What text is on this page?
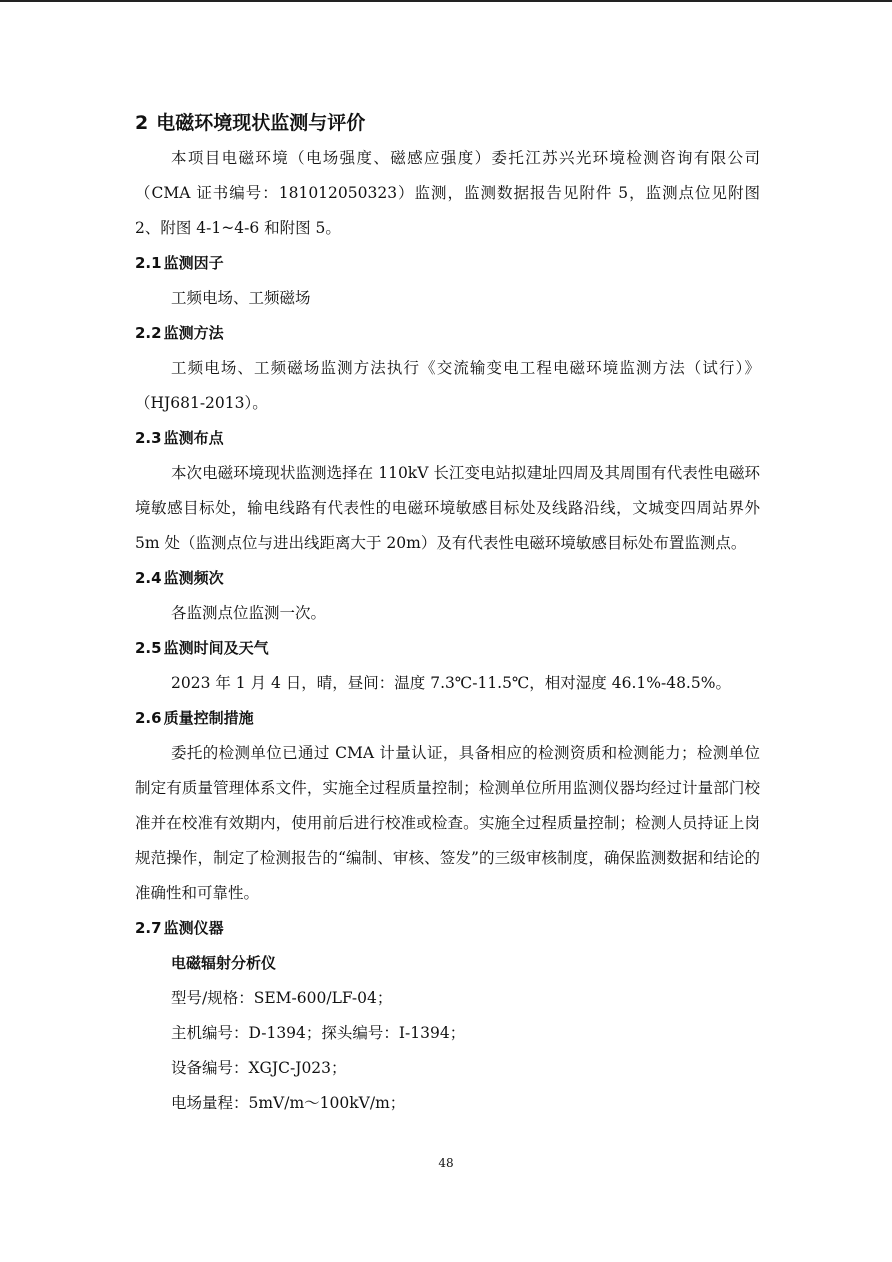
2 电磁环境现状监测与评价

本项目电磁环境（电场强度、磁感应强度）委托江苏兴光环境检测咨询有限公司（CMA 证书编号：181012050323）监测，监测数据报告见附件 5，监测点位见附图 2、附图 4-1~4-6 和附图 5。

2.1 监测因子

工频电场、工频磁场

2.2 监测方法

工频电场、工频磁场监测方法执行《交流输变电工程电磁环境监测方法（试行）》（HJ681-2013）。

2.3 监测布点

本次电磁环境现状监测选择在 110kV 长江变电站拟建址四周及其周围有代表性电磁环境敏感目标处，输电线路有代表性的电磁环境敏感目标处及线路沿线，文城变四周站界外 5m 处（监测点位与进出线距离大于 20m）及有代表性电磁环境敏感目标处布置监测点。

2.4 监测频次

各监测点位监测一次。

2.5 监测时间及天气

2023 年 1 月 4 日，晴，昼间：温度 7.3℃-11.5℃，相对湿度 46.1%-48.5%。

2.6 质量控制措施

委托的检测单位已通过 CMA 计量认证，具备相应的检测资质和检测能力；检测单位制定有质量管理体系文件，实施全过程质量控制；检测单位所用监测仪器均经过计量部门校准并在校准有效期内，使用前后进行校准或检查。实施全过程质量控制；检测人员持证上岗规范操作，制定了检测报告的“编制、审核、签发”的三级审核制度，确保监测数据和结论的准确性和可靠性。

2.7 监测仪器
电磁辐射分析仪
型号/规格：SEM-600/LF-04；
主机编号：D-1394；探头编号：I-1394；
设备编号：XGJC-J023；
电场量程：5mV/m～100kV/m；
48
